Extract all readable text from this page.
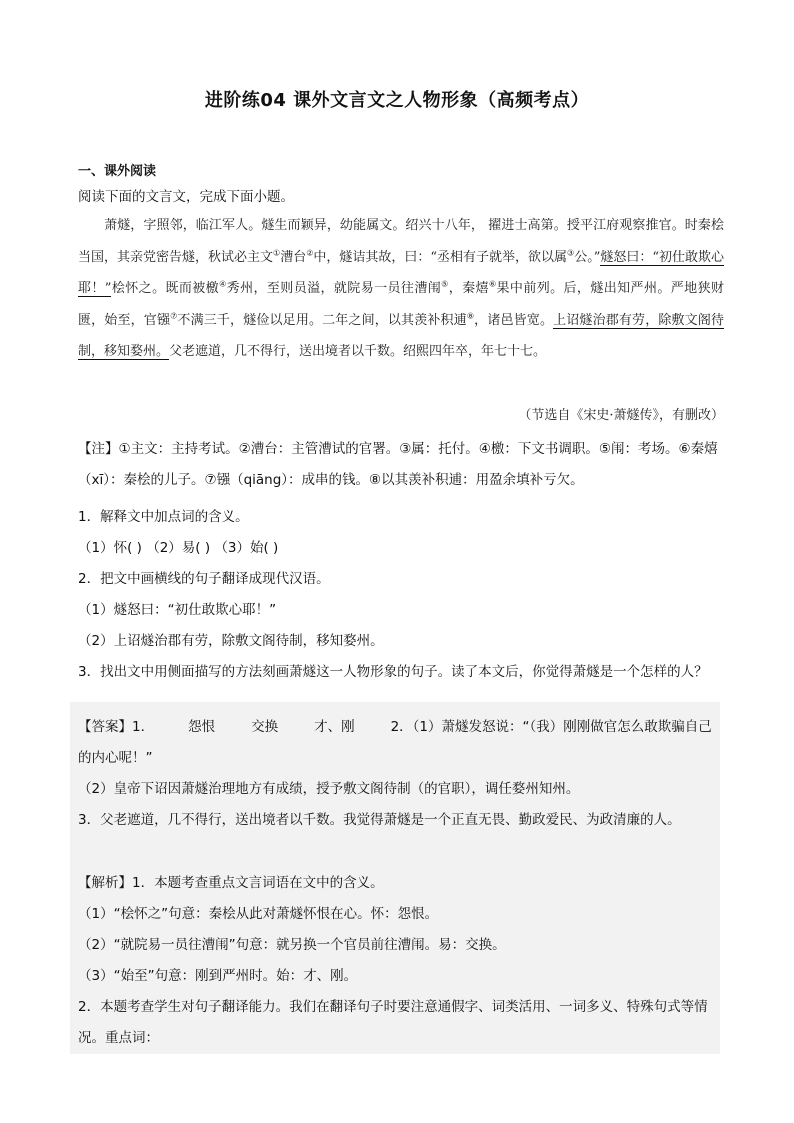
进阶练04 课外文言文之人物形象（高频考点）
一、课外阅读
阅读下面的文言文，完成下面小题。
萧燧，字照邻，临江军人。燧生而颖异，幼能属文。绍兴十八年， 擢进士高第。授平江府观察推官。时秦桧当国，其亲党密告燧，秋试必主文①漕台②中，燧诘其故，曰：“丞相有子就举，欲以属③公。”燧怒曰：“初仕敢欺心耶！”桧怀之。既而被檄④秀州，至则员溢，就院易一员往漕闱⑤，秦熺⑥果中前列。后，燧出知严州。严地狭财匮，始至，官镪⑦不满三千，燧俭以足用。二年之间，以其羡补积逋⑧，诸邑皆宽。上诏燧治郡有劳，除敷文阁待制，移知婺州。父老遮道，几不得行，送出境者以千数。绍熙四年卒，年七十七。
（节选自《宋史·萧燧传》，有删改）
【注】①主文：主持考试。②漕台：主管漕试的官署。③属：托付。④檄：下文书调职。⑤闱：考场。⑥秦熺（xī）：秦桧的儿子。⑦镪（qiāng）：成串的钱。⑧以其羡补积逋：用盈余填补亏欠。
1．解释文中加点词的含义。
（1）怀( ) （2）易( ) （3）始( )
2．把文中画横线的句子翻译成现代汉语。
（1）燧怒曰：“初仕敢欺心耶！”
（2）上诏燧治郡有劳，除敷文阁待制，移知婺州。
3．找出文中用侧面描写的方法刻画萧燧这一人物形象的句子。读了本文后，你觉得萧燧是一个怎样的人？
【答案】1．	怨恨	交换	才、刚	2．（1）萧燧发怒说：“（我）刚刚做官怎么敢欺骗自己的内心呢！”
（2）皇帝下诏因萧燧治理地方有成绩，授予敷文阁待制（的官职），调任婺州知州。
3．父老遮道，几不得行，送出境者以千数。我觉得萧燧是一个正直无畏、勤政爱民、为政清廉的人。
【解析】1．本题考查重点文言词语在文中的含义。
（1）“桧怀之”句意：秦桧从此对萧燧怀恨在心。怀：怨恨。
（2）“就院易一员往漕闱”句意：就另换一个官员前往漕闱。易：交换。
（3）“始至”句意：刚到严州时。始：才、刚。
2．本题考查学生对句子翻译能力。我们在翻译句子时要注意通假字、词类活用、一词多义、特殊句式等情况。重点词：
